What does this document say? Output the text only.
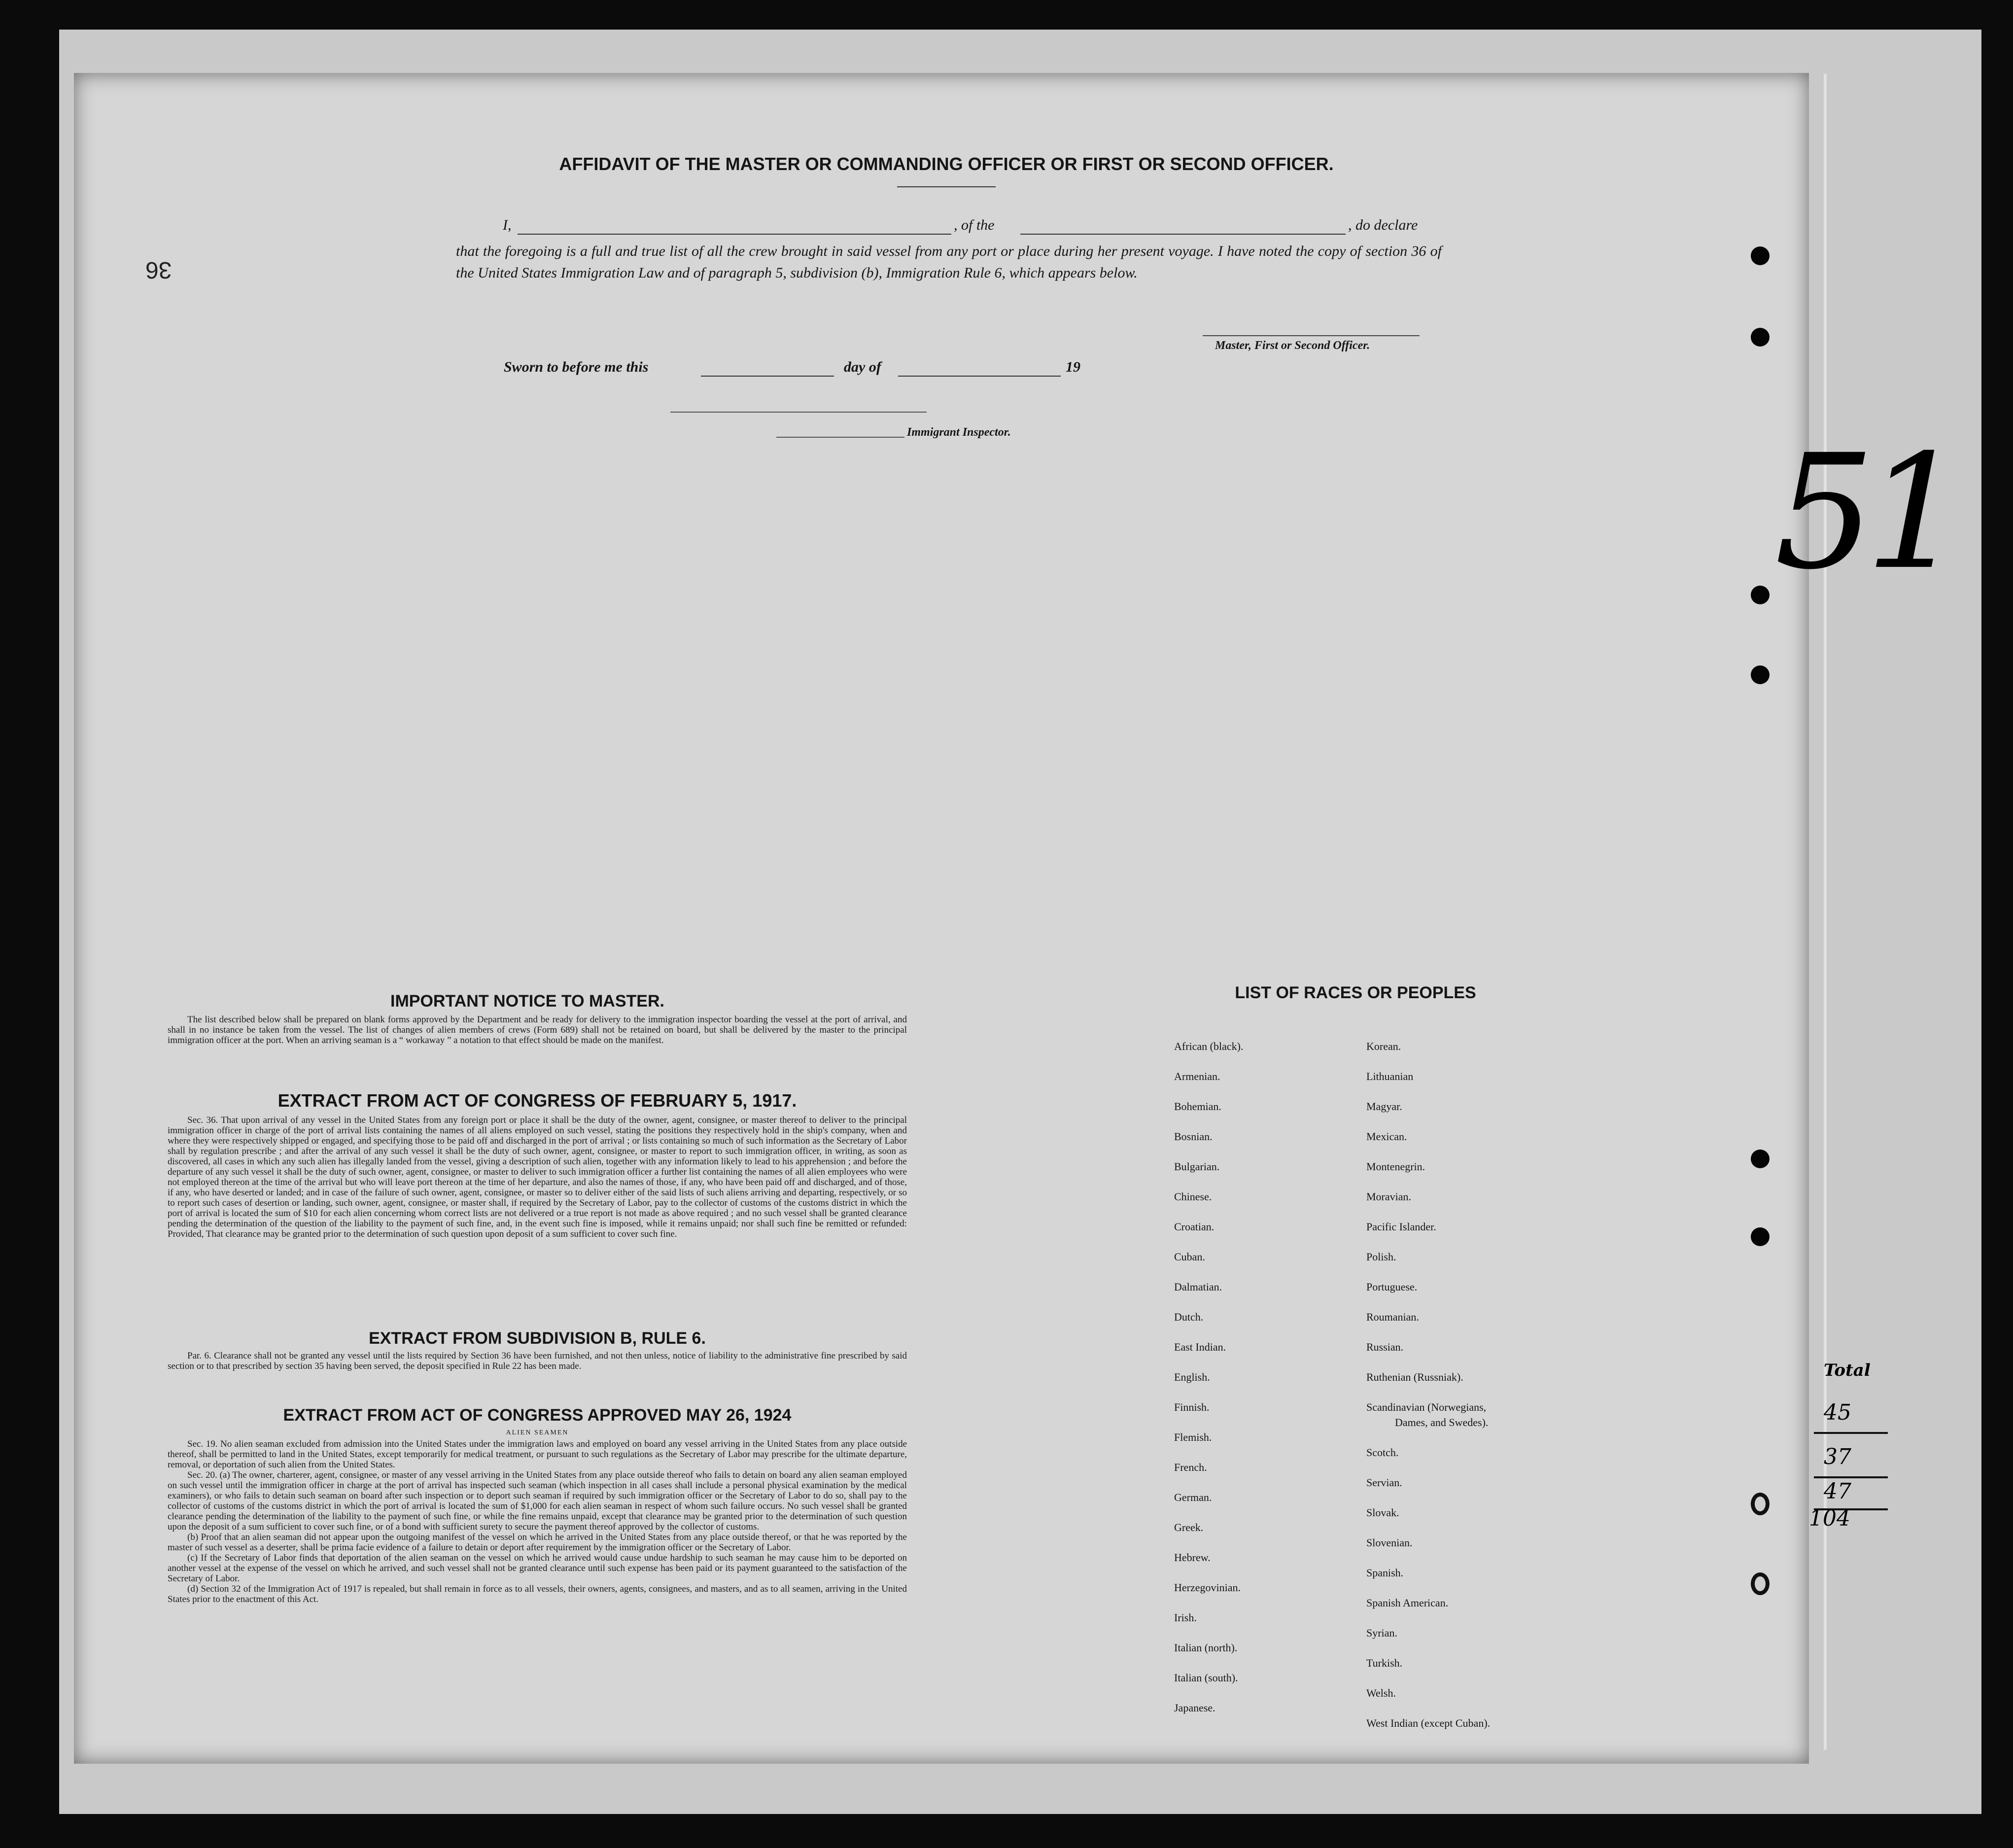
36
AFFIDAVIT OF THE MASTER OR COMMANDING OFFICER OR FIRST OR SECOND OFFICER.
I,	, of the	, do declare
that the foregoing is a full and true list of all the crew brought in said vessel from any port or place during her present voyage. I have noted the copy of section 36 of the United States Immigration Law and of paragraph 5, subdivision (b), Immigration Rule 6, which appears below.
Master, First or Second Officer.
Sworn to before me this	day of	19
Immigrant Inspector.
IMPORTANT NOTICE TO MASTER.

The list described below shall be prepared on blank forms approved by the Department and be ready for delivery to the immigration inspector boarding the vessel at the port of arrival, and shall in no instance be taken from the vessel. The list of changes of alien members of crews (Form 689) shall not be retained on board, but shall be delivered by the master to the principal immigration officer at the port. When an arriving seaman is a “ workaway ” a notation to that effect should be made on the manifest.

EXTRACT FROM ACT OF CONGRESS OF FEBRUARY 5, 1917.

Sec. 36. That upon arrival of any vessel in the United States from any foreign port or place it shall be the duty of the owner, agent, consignee, or master thereof to deliver to the principal immigration officer in charge of the port of arrival lists containing the names of all aliens employed on such vessel, stating the positions they respectively hold in the ship's company, when and where they were respectively shipped or engaged, and specifying those to be paid off and discharged in the port of arrival ; or lists containing so much of such information as the Secretary of Labor shall by regulation prescribe ; and after the arrival of any such vessel it shall be the duty of such owner, agent, consignee, or master to report to such immigration officer, in writing, as soon as discovered, all cases in which any such alien has illegally landed from the vessel, giving a description of such alien, together with any information likely to lead to his apprehension ; and before the departure of any such vessel it shall be the duty of such owner, agent, consignee, or master to deliver to such immigration officer a further list containing the names of all alien employees who were not employed thereon at the time of the arrival but who will leave port thereon at the time of her departure, and also the names of those, if any, who have been paid off and discharged, and of those, if any, who have deserted or landed; and in case of the failure of such owner, agent, consignee, or master so to deliver either of the said lists of such aliens arriving and departing, respectively, or so to report such cases of desertion or landing, such owner, agent, consignee, or master shall, if required by the Secretary of Labor, pay to the collector of customs of the customs district in which the port of arrival is located the sum of $10 for each alien concerning whom correct lists are not delivered or a true report is not made as above required ; and no such vessel shall be granted clearance pending the determination of the question of the liability to the payment of such fine, and, in the event such fine is imposed, while it remains unpaid; nor shall such fine be remitted or refunded: Provided, That clearance may be granted prior to the determination of such question upon deposit of a sum sufficient to cover such fine.

EXTRACT FROM SUBDIVISION B, RULE 6.

Par. 6. Clearance shall not be granted any vessel until the lists required by Section 36 have been furnished, and not then unless, notice of liability to the administrative fine prescribed by said section or to that prescribed by section 35 having been served, the deposit specified in Rule 22 has been made.

EXTRACT FROM ACT OF CONGRESS APPROVED MAY 26, 1924
ALIEN SEAMEN

Sec. 19. No alien seaman excluded from admission into the United States under the immigration laws and employed on board any vessel arriving in the United States from any place outside thereof, shall be permitted to land in the United States, except temporarily for medical treatment, or pursuant to such regulations as the Secretary of Labor may prescribe for the ultimate departure, removal, or deportation of such alien from the United States.

Sec. 20. (a) The owner, charterer, agent, consignee, or master of any vessel arriving in the United States from any place outside thereof who fails to detain on board any alien seaman employed on such vessel until the immigration officer in charge at the port of arrival has inspected such seaman (which inspection in all cases shall include a personal physical examination by the medical examiners), or who fails to detain such seaman on board after such inspection or to deport such seaman if required by such immigration officer or the Secretary of Labor to do so, shall pay to the collector of customs of the customs district in which the port of arrival is located the sum of $1,000 for each alien seaman in respect of whom such failure occurs. No such vessel shall be granted clearance pending the determination of the liability to the payment of such fine, or while the fine remains unpaid, except that clearance may be granted prior to the determination of such question upon the deposit of a sum sufficient to cover such fine, or of a bond with sufficient surety to secure the payment thereof approved by the collector of customs.

(b) Proof that an alien seaman did not appear upon the outgoing manifest of the vessel on which he arrived in the United States from any place outside thereof, or that he was reported by the master of such vessel as a deserter, shall be prima facie evidence of a failure to detain or deport after requirement by the immigration officer or the Secretary of Labor.

(c) If the Secretary of Labor finds that deportation of the alien seaman on the vessel on which he arrived would cause undue hardship to such seaman he may cause him to be deported on another vessel at the expense of the vessel on which he arrived, and such vessel shall not be granted clearance until such expense has been paid or its payment guaranteed to the satisfaction of the Secretary of Labor.

(d) Section 32 of the Immigration Act of 1917 is repealed, but shall remain in force as to all vessels, their owners, agents, consignees, and masters, and as to all seamen, arriving in the United States prior to the enactment of this Act.

LIST OF RACES OR PEOPLES
African (black).
Armenian.
Bohemian.
Bosnian.
Bulgarian.
Chinese.
Croatian.
Cuban.
Dalmatian.
Dutch.
East Indian.
English.
Finnish.
Flemish.
French.
German.
Greek.
Hebrew.
Herzegovinian.
Irish.
Italian (north).
Italian (south).
Japanese.
Korean.
Lithuanian
Magyar.
Mexican.
Montenegrin.
Moravian.
Pacific Islander.
Polish.
Portuguese.
Roumanian.
Russian.
Ruthenian (Russniak).
Scandinavian (Norwegians,
Dames, and Swedes).
Scotch.
Servian.
Slovak.
Slovenian.
Spanish.
Spanish American.
Syrian.
Turkish.
Welsh.
West Indian (except Cuban).
51
Total
45
37
47
104
